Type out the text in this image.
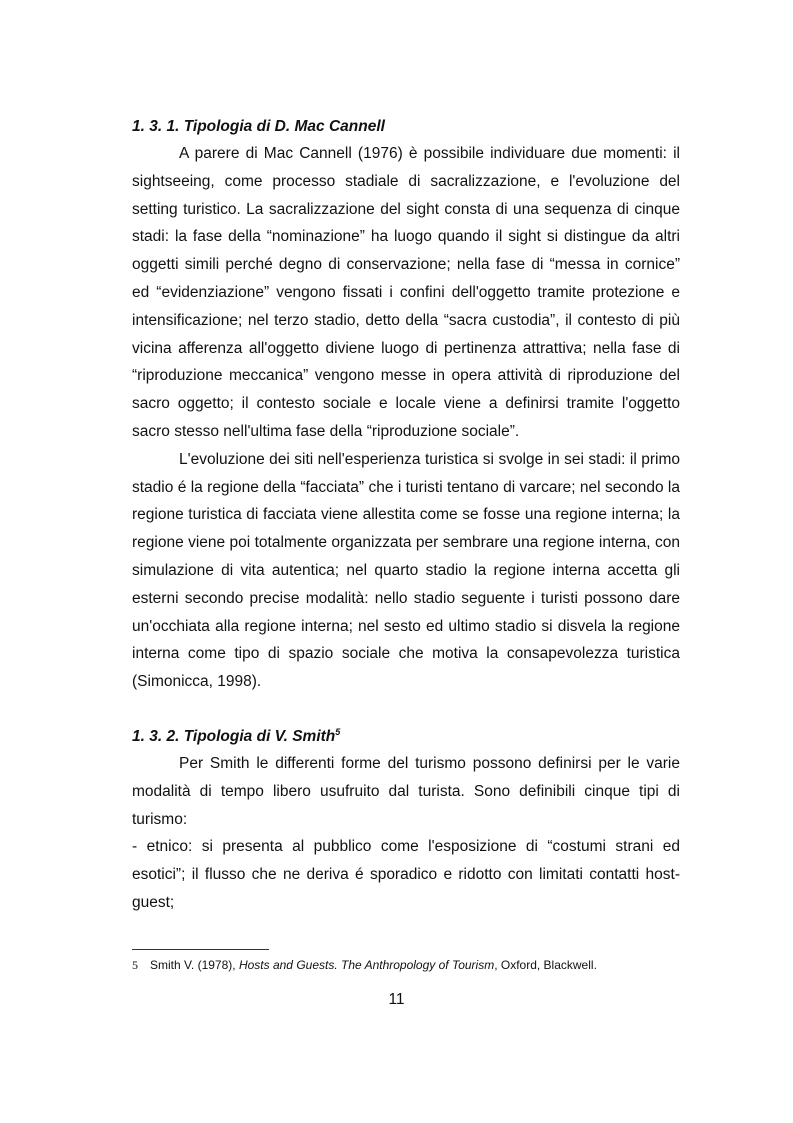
1. 3. 1. Tipologia di D. Mac Cannell

A parere di Mac Cannell (1976) è possibile individuare due momenti: il sightseeing, come processo stadiale di sacralizzazione, e l'evoluzione del setting turistico. La sacralizzazione del sight consta di una sequenza di cinque stadi: la fase della “nominazione” ha luogo quando il sight si distingue da altri oggetti simili perché degno di conservazione; nella fase di “messa in cornice” ed “evidenziazione” vengono fissati i confini dell'oggetto tramite protezione e intensificazione; nel terzo stadio, detto della “sacra custodia”, il contesto di più vicina afferenza all'oggetto diviene luogo di pertinenza attrattiva; nella fase di “riproduzione meccanica” vengono messe in opera attività di riproduzione del sacro oggetto; il contesto sociale e locale viene a definirsi tramite l'oggetto sacro stesso nell'ultima fase della “riproduzione sociale”.

L'evoluzione dei siti nell'esperienza turistica si svolge in sei stadi: il primo stadio é la regione della “facciata” che i turisti tentano di varcare; nel secondo la regione turistica di facciata viene allestita come se fosse una regione interna; la regione viene poi totalmente organizzata per sembrare una regione interna, con simulazione di vita autentica; nel quarto stadio la regione interna accetta gli esterni secondo precise modalità: nello stadio seguente i turisti possono dare un'occhiata alla regione interna; nel sesto ed ultimo stadio si disvela la regione interna come tipo di spazio sociale che motiva la consapevolezza turistica (Simonicca, 1998).

1. 3. 2. Tipologia di V. Smith$^5$

Per Smith le differenti forme del turismo possono definirsi per le varie modalità di tempo libero usufruito dal turista. Sono definibili cinque tipi di turismo:

- etnico: si presenta al pubblico come l'esposizione di “costumi strani ed esotici”; il flusso che ne deriva é sporadico e ridotto con limitati contatti host-guest;

5 Smith V. (1978), Hosts and Guests. The Anthropology of Tourism, Oxford, Blackwell.
11
